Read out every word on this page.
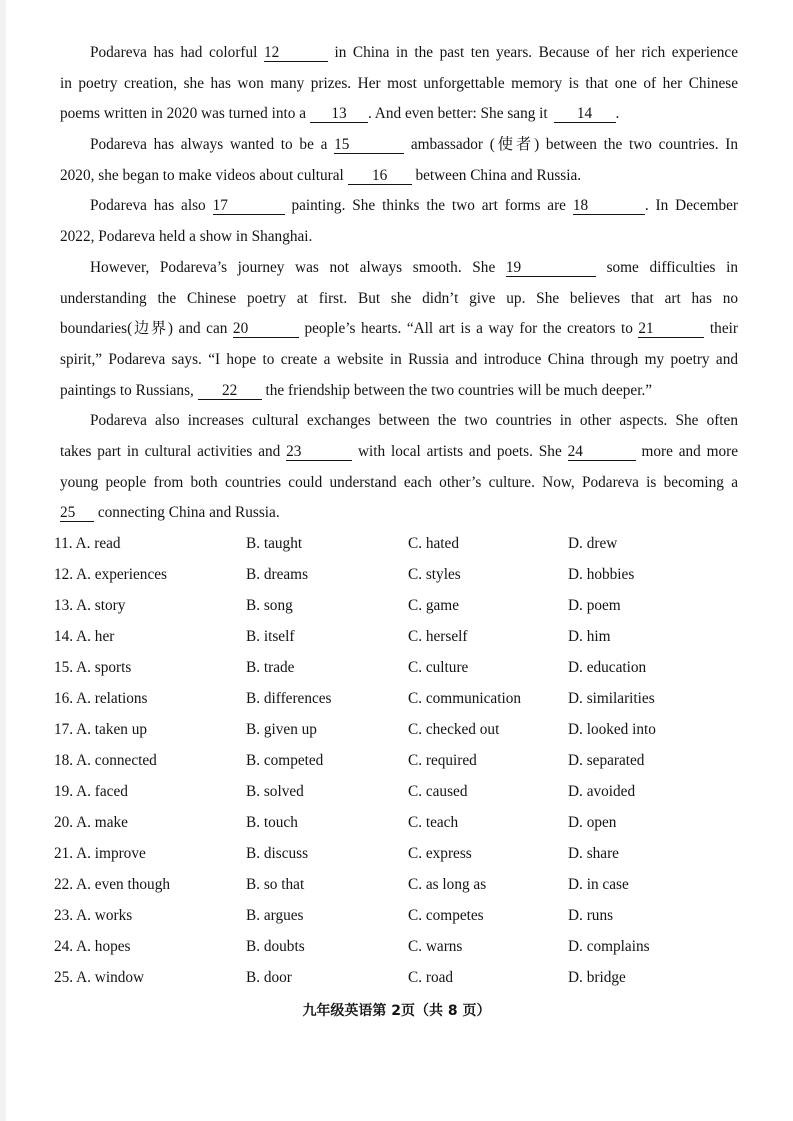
Podareva has had colorful 12	in China in the past ten years. Because of her rich experience
in poetry creation, she has won many prizes. Her most unforgettable memory is that one of her Chinese
poems written in 2020 was turned into a 13 . And even better: She sang it 14 .
Podareva has always wanted to be a 15	ambassador (使者) between the two countries. In
2020, she began to make videos about cultural 16 between China and Russia.
Podareva has also 17	painting. She thinks the two art forms are 18	. In December
2022, Podareva held a show in Shanghai.
However, Podareva’s journey was not always smooth. She 19	some difficulties in
understanding the Chinese poetry at first. But she didn’t give up. She believes that art has no
boundaries(边界) and can 20	people’s hearts. “All art is a way for the creators to 21	their
spirit,” Podareva says. “I hope to create a website in Russia and introduce China through my poetry and
paintings to Russians, 22 the friendship between the two countries will be much deeper.”
Podareva also increases cultural exchanges between the two countries in other aspects. She often
takes part in cultural activities and 23	with local artists and poets. She 24	more and more
young people from both countries could understand each other’s culture. Now, Podareva is becoming a
25 connecting China and Russia.
11. A. read	B. taught	C. hated	D. drew
12. A. experiences	B. dreams	C. styles	D. hobbies
13. A. story	B. song	C. game	D. poem
14. A. her	B. itself	C. herself	D. him
15. A. sports	B. trade	C. culture	D. education
16. A. relations	B. differences	C. communication	D. similarities
17. A. taken up	B. given up	C. checked out	D. looked into
18. A. connected	B. competed	C. required	D. separated
19. A. faced	B. solved	C. caused	D. avoided
20. A. make	B. touch	C. teach	D. open
21. A. improve	B. discuss	C. express	D. share
22. A. even though	B. so that	C. as long as	D. in case
23. A. works	B. argues	C. competes	D. runs
24. A. hopes	B. doubts	C. warns	D. complains
25. A. window	B. door	C. road	D. bridge
九年级英语第 2页（共 8 页）
